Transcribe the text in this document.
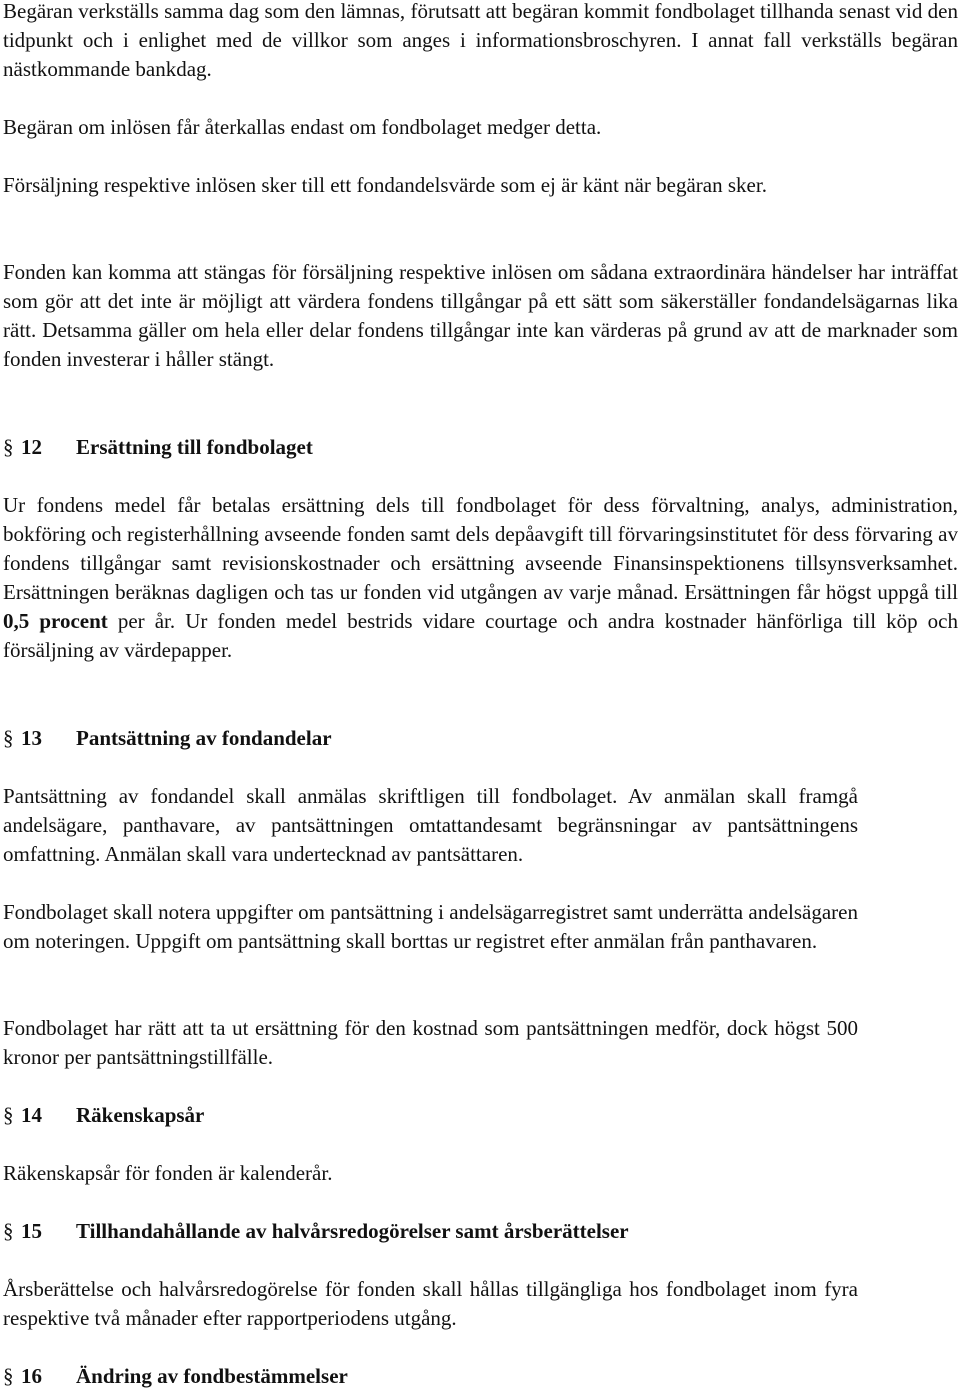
Begäran verkställs samma dag som den lämnas, förutsatt att begäran kommit fondbolaget tillhanda senast vid den tidpunkt och i enlighet med de villkor som anges i informationsbroschyren. I annat fall verkställs begäran nästkommande bankdag.

Begäran om inlösen får återkallas endast om fondbolaget medger detta.

Försäljning respektive inlösen sker till ett fondandelsvärde som ej är känt när begäran sker.

Fonden kan komma att stängas för försäljning respektive inlösen om sådana extraordinära händelser har inträffat som gör att det inte är möjligt att värdera fondens tillgångar på ett sätt som säkerställer fondandelsägarnas lika rätt. Detsamma gäller om hela eller delar fondens tillgångar inte kan värderas på grund av att de marknader som fonden investerar i håller stängt.

§ 12 Ersättning till fondbolaget

Ur fondens medel får betalas ersättning dels till fondbolaget för dess förvaltning, analys, administration, bokföring och registerhållning avseende fonden samt dels depåavgift till förvaringsinstitutet för dess förvaring av fondens tillgångar samt revisionskostnader och ersättning avseende Finansinspektionens tillsynsverksamhet. Ersättningen beräknas dagligen och tas ur fonden vid utgången av varje månad. Ersättningen får högst uppgå till 0,5 procent per år. Ur fonden medel bestrids vidare courtage och andra kostnader hänförliga till köp och försäljning av värdepapper.

§ 13 Pantsättning av fondandelar

Pantsättning av fondandel skall anmälas skriftligen till fondbolaget. Av anmälan skall framgå andelsägare, panthavare, av pantsättningen omtattandesamt begränsningar av pantsättningens omfattning. Anmälan skall vara undertecknad av pantsättaren.

Fondbolaget skall notera uppgifter om pantsättning i andelsägarregistret samt underrätta andelsägaren om noteringen. Uppgift om pantsättning skall borttas ur registret efter anmälan från panthavaren.

Fondbolaget har rätt att ta ut ersättning för den kostnad som pantsättningen medför, dock högst 500 kronor per pantsättningstillfälle.

§ 14 Räkenskapsår

Räkenskapsår för fonden är kalenderår.

§ 15 Tillhandahållande av halvårsredogörelser samt årsberättelser

Årsberättelse och halvårsredogörelse för fonden skall hållas tillgängliga hos fondbolaget inom fyra respektive två månader efter rapportperiodens utgång.

§ 16 Ändring av fondbestämmelser
